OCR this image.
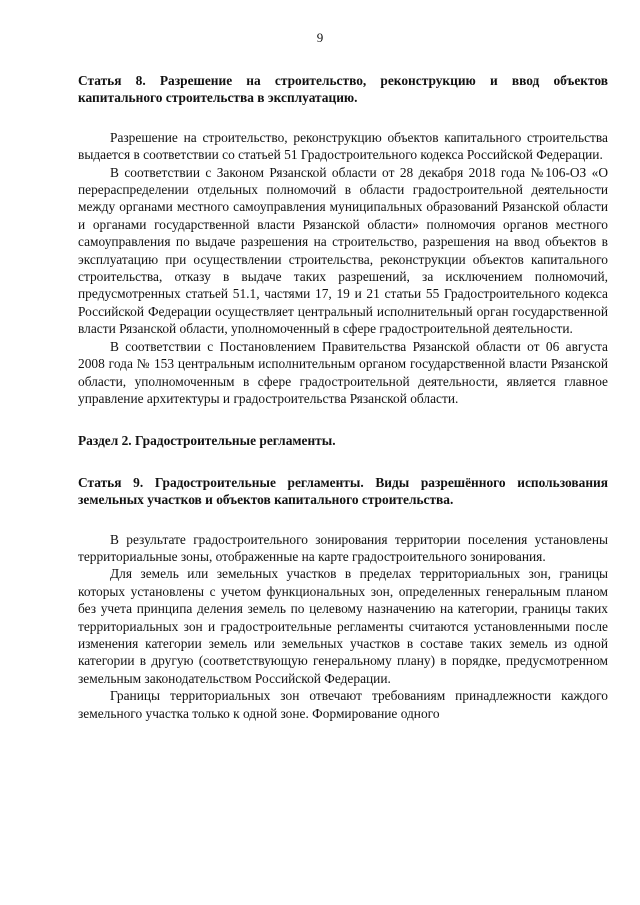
9

Статья 8. Разрешение на строительство, реконструкцию и ввод объектов капитального строительства в эксплуатацию.

Разрешение на строительство, реконструкцию объектов капитального строительства выдается в соответствии со статьей 51 Градостроительного кодекса Российской Федерации.

В соответствии с Законом Рязанской области от 28 декабря 2018 года №106-ОЗ «О перераспределении отдельных полномочий в области градостроительной деятельности между органами местного самоуправления муниципальных образований Рязанской области и органами государственной власти Рязанской области» полномочия органов местного самоуправления по выдаче разрешения на строительство, разрешения на ввод объектов в эксплуатацию при осуществлении строительства, реконструкции объектов капитального строительства, отказу в выдаче таких разрешений, за исключением полномочий, предусмотренных статьей 51.1, частями 17, 19 и 21 статьи 55 Градостроительного кодекса Российской Федерации осуществляет центральный исполнительный орган государственной власти Рязанской области, уполномоченный в сфере градостроительной деятельности.

В соответствии с Постановлением Правительства Рязанской области от 06 августа 2008 года № 153 центральным исполнительным органом государственной власти Рязанской области, уполномоченным в сфере градостроительной деятельности, является главное управление архитектуры и градостроительства Рязанской области.

Раздел 2. Градостроительные регламенты.

Статья 9. Градостроительные регламенты. Виды разрешённого использования земельных участков и объектов капитального строительства.

В результате градостроительного зонирования территории поселения установлены территориальные зоны, отображенные на карте градостроительного зонирования.

Для земель или земельных участков в пределах территориальных зон, границы которых установлены с учетом функциональных зон, определенных генеральным планом без учета принципа деления земель по целевому назначению на категории, границы таких территориальных зон и градостроительные регламенты считаются установленными после изменения категории земель или земельных участков в составе таких земель из одной категории в другую (соответствующую генеральному плану) в порядке, предусмотренном земельным законодательством Российской Федерации.

Границы территориальных зон отвечают требованиям принадлежности каждого земельного участка только к одной зоне. Формирование одного
